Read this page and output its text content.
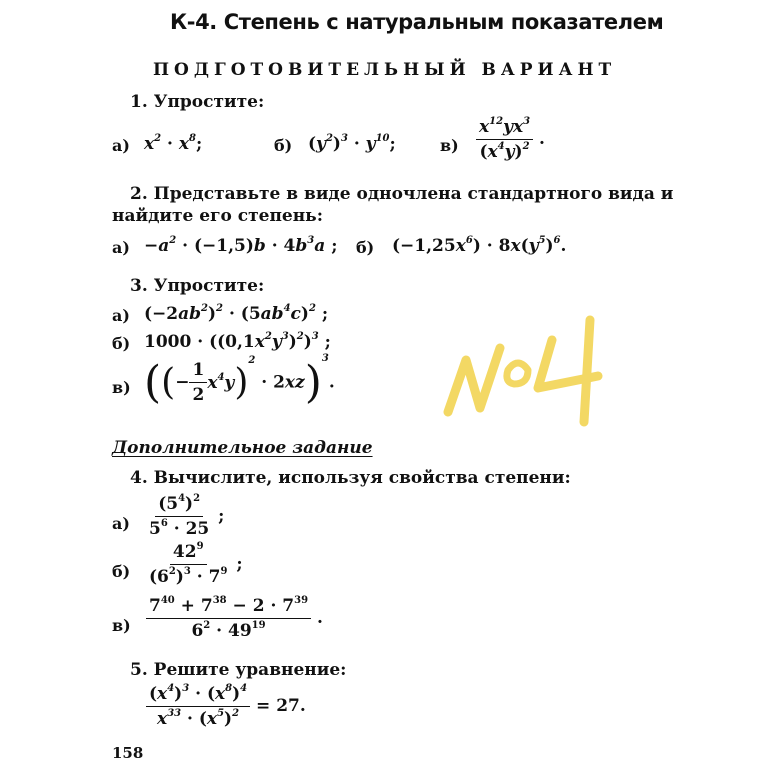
К-4. Степень с натуральным показателем
ПОДГОТОВИТЕЛЬНЫЙ ВАРИАНТ
1. Упростите:
а) $x^2 \cdot x^8$;	б) $(y^2)^3 \cdot y^{10}$;	$в) \frac{x^{12}yx^3}{(x^4y)^2}$ .
2. Представьте в виде одночлена стандартного вида и
найдите его степень:
$а) -a^2 \cdot (-1,5)b \cdot 4b^3a$ ; б) $(-1,25x^6) \cdot 8x(y^5)^6$.
3. Упростите:
а) $(-2ab^2)^2 \cdot (5ab^4c)^2$ ;
б) $1000 \cdot ((0,1x^2y^3)^2)^3$ ;
в) ((− $\frac{1}{2} x^4y)^2 \cdot 2xz)^3$.
Дополнительное задание
4. Вычислите, используя свойства степени:
$а) \frac{(5^4)^2}{5^6 \cdot 25}$ ;
$б) \frac{42^9}{(6^2)^3 \cdot 7^9}$ ;
$в) \frac{7^{40} + 7^{38} - 2 \cdot 7^{39}}{6^2 \cdot 49^{19}}$ .
5. Решите уравнение:
$\frac{(x^4)^3 \cdot (x^8)^4}{x^{33} \cdot (x^5)^2} = 27$.
158
